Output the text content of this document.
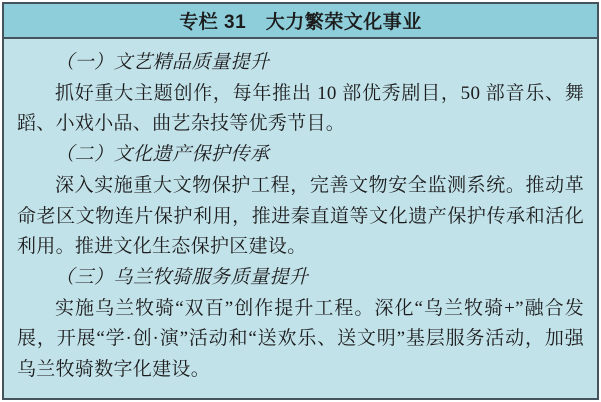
专栏 31　大力繁荣文化事业
（一）文艺精品质量提升

抓好重大主题创作，每年推出 10 部优秀剧目，50 部音乐、舞蹈、小戏小品、曲艺杂技等优秀节目。

（二）文化遗产保护传承

深入实施重大文物保护工程，完善文物安全监测系统。推动革命老区文物连片保护利用，推进秦直道等文化遗产保护传承和活化利用。推进文化生态保护区建设。

（三）乌兰牧骑服务质量提升

实施乌兰牧骑“双百”创作提升工程。深化“乌兰牧骑+”融合发展，开展“学·创·演”活动和“送欢乐、送文明”基层服务活动，加强乌兰牧骑数字化建设。
